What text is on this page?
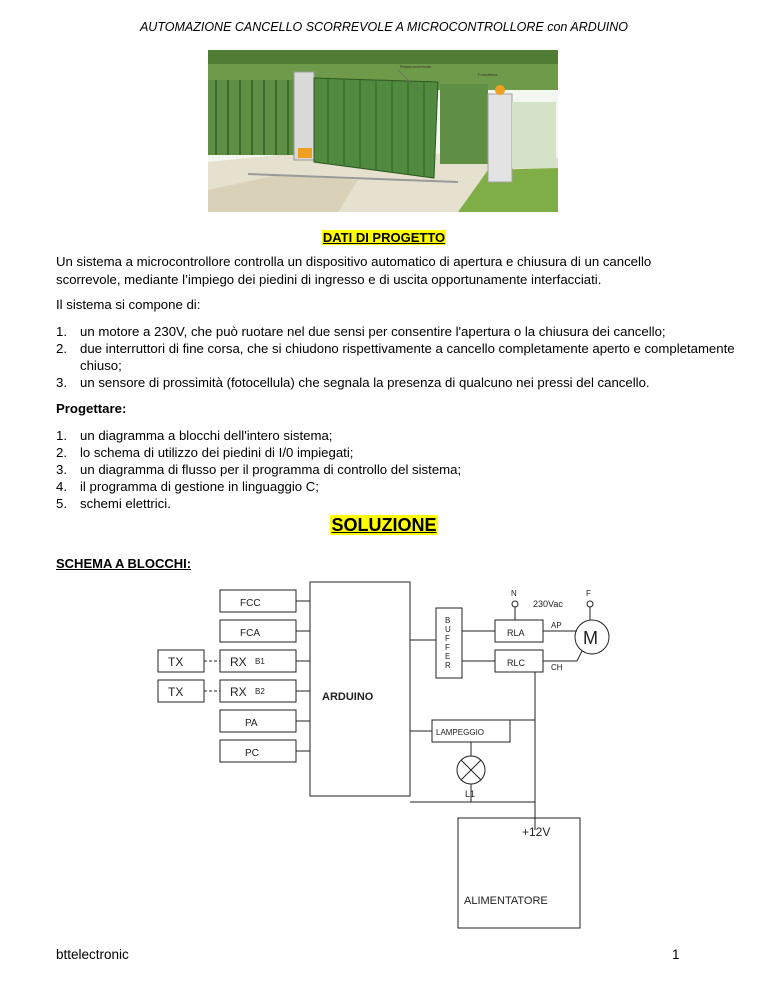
AUTOMAZIONE CANCELLO SCORREVOLE A MICROCONTROLLORE con ARDUINO
Rotaia scorrevole
Fotocellula
DATI DI PROGETTO
Un sistema a microcontrollore controlla un dispositivo automatico di apertura e chiusura di un cancello scorrevole, mediante l’impiego dei piedini di ingresso e di uscita opportunamente interfacciati.
Il sistema si compone di:
1. un motore a 230V, che può ruotare nel due sensi per consentire l'apertura o la chiusura dei cancello;
2. due interruttori di fine corsa, che si chiudono rispettivamente a cancello completamente aperto e completamente chiuso;
3. un sensore di prossimità (fotocellula) che segnala la presenza di qualcuno nei pressi del cancello.
Progettare:
1. un diagramma a blocchi dell'intero sistema;
2. lo schema di utilizzo dei piedini di I/0 impiegati;
3. un diagramma di flusso per il programma di controllo del sistema;
4. il programma di gestione in linguaggio C;
5. schemi elettrici.
SOLUZIONE
SCHEMA A BLOCCHI:
FCC
FCA
RX B1
RX B2
TX
TX
PA
PC
ARDUINO
B
U
F
F
E
R
RLA
RLC
AP
CH
M
N	F
230Vac
LAMPEGGIO
L1
+12V
ALIMENTATORE
bttelectronic	1
